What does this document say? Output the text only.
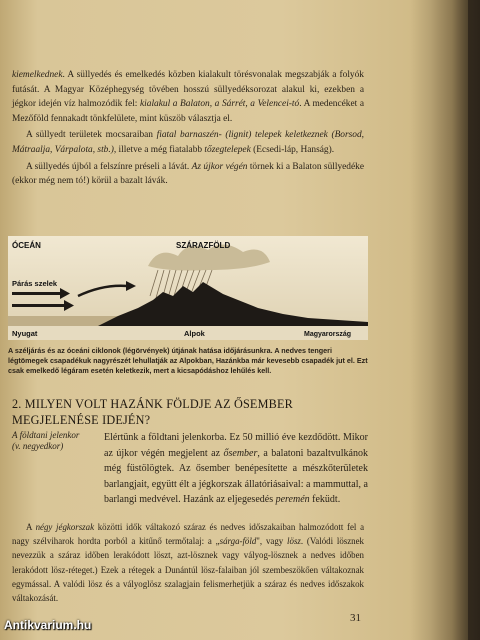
kiemelkednek. A süllyedés és emelkedés közben kialakult törésvonalak megszabják a folyók futását. A Magyar Középhegység tövében hosszú süllyedéksorozat alakul ki, ezekben a jégkor idején víz halmozódik fel: kialakul a Balaton, a Sárrét, a Velencei-tó. A medencéket a Mezőföld fennakadt tönkfelülete, mint küszöb választja el.

A süllyedt területek mocsaraiban fiatal barnaszén- (lignit) telepek keletkeznek (Borsod, Mátraalja, Várpalota, stb.), illetve a még fiatalabb tőzegtelepek (Ecsedi-láp, Hanság).

A süllyedés újból a felszínre préseli a lávát. Az újkor végén törnek ki a Balaton süllyedéke (ekkor még nem tó!) körül a bazalt lávák.

ÓCEÁN	SZÁRAZFÖLD
Párás szelek
Nyugat	Alpok	Magyarország
A széljárás és az óceáni ciklonok (légörvények) útjának hatása időjárásunkra. A nedves tengeri légtömegek csapadékuk nagyrészét lehullatják az Alpokban, Hazánkba már kevesebb csapadék jut el. Ezt csak emelkedő légáram esetén keletkezik, mert a kicsapódáshoz lehűlés kell.
2. MILYEN VOLT HAZÁNK FÖLDJE AZ ŐSEMBER MEGJELENÉSE IDEJÉN?
A földtani jelenkor
(v. negyedkor)

Elértünk a földtani jelenkorba. Ez 50 millió éve kezdődött. Mikor az újkor végén megjelent az ősember, a balatoni bazaltvulkánok még füstölögtek. Az ősember benépesítette a mészkőterületek barlangjait, együtt élt a jégkorszak állatóriásaival: a mammuttal, a barlangi medvével. Hazánk az eljegesedés peremén feküdt.

A négy jégkorszak közötti idők váltakozó száraz és nedves időszakaiban halmozódott fel a nagy szélviharok hordta porból a kitűnő termőtalaj: a „sárga-föld", vagy lösz. (Valódi lösznek nevezzük a száraz időben lerakódott löszt, azt-lösznek vagy vályog-lösznek a nedves időben lerakódott lösz-réteget.) Ezek a rétegek a Dunántúl lösz-falaiban jól szembeszökően váltakoznak egymással. A valódi lösz és a vályoglösz szalagjain felismerhetjük a száraz és nedves időszakok váltakozását.

31
Antikvarium.hu
